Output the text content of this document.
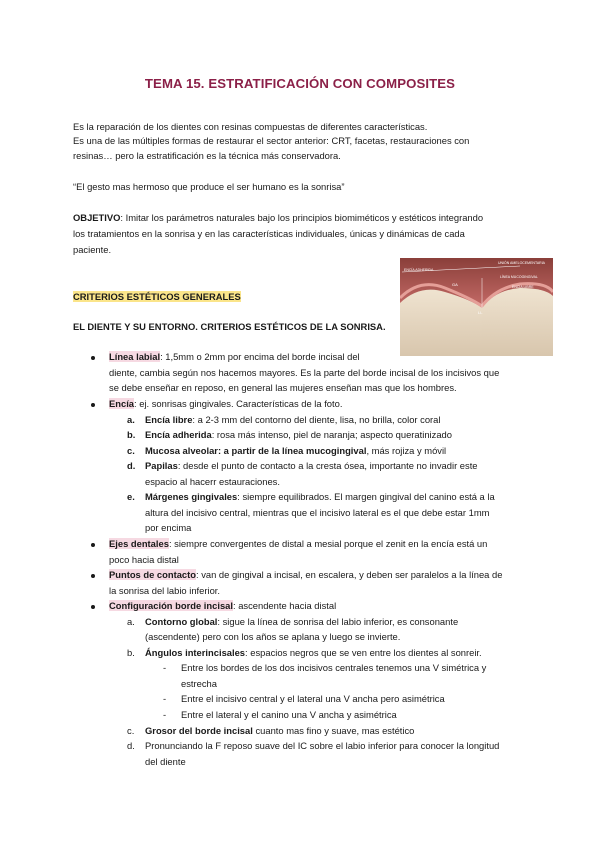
TEMA 15. ESTRATIFICACIÓN CON COMPOSITES
Es la reparación de los dientes con resinas compuestas de diferentes características.
Es una de las múltiples formas de restaurar el sector anterior: CRT, facetas, restauraciones con
resinas… pero la estratificación es la técnica más conservadora.
“El gesto mas hermoso que produce el ser humano es la sonrisa”
OBJETIVO: Imitar los parámetros naturales bajo los principios biomiméticos y estéticos integrando
los tratamientos en la sonrisa y en las características individuales, únicas y dinámicas de cada
paciente.
ENCÍA ADHERIDA
UNIÓN AMELOCEMENTARIA
LÍNEA MUCOGINGIVAL
ENCÍA LIBRE
GA
LL
CRITERIOS ESTÉTICOS GENERALES
EL DIENTE Y SU ENTORNO. CRITERIOS ESTÉTICOS DE LA SONRISA.
Línea labial: 1,5mm o 2mm por encima del borde incisal del
diente, cambia según nos hacemos mayores. Es la parte del borde incisal de los incisivos que
se debe enseñar en reposo, en general las mujeres enseñan mas que los hombres.
Encía: ej. sonrisas gingivales. Características de la foto.
a. Encía libre: a 2-3 mm del contorno del diente, lisa, no brilla, color coral
b. Encía adherida: rosa más intenso, piel de naranja; aspecto queratinizado
c. Mucosa alveolar: a partir de la línea mucogingival, más rojiza y móvil
d. Papilas: desde el punto de contacto a la cresta ósea, importante no invadir este
espacio al hacerr estauraciones.
e. Márgenes gingivales: siempre equilibrados. El margen gingival del canino está a la
altura del incisivo central, mientras que el incisivo lateral es el que debe estar 1mm
por encima
Ejes dentales: siempre convergentes de distal a mesial porque el zenit en la encía está un
poco hacia distal
Puntos de contacto: van de gingival a incisal, en escalera, y deben ser paralelos a la línea de
la sonrisa del labio inferior.
Configuración borde incisal: ascendente hacia distal
a. Contorno global: sigue la línea de sonrisa del labio inferior, es consonante
(ascendente) pero con los años se aplana y luego se invierte.
b. Ángulos interincisales: espacios negros que se ven entre los dientes al sonreir.
- Entre los bordes de los dos incisivos centrales tenemos una V simétrica y
estrecha
- Entre el incisivo central y el lateral una V ancha pero asimétrica
- Entre el lateral y el canino una V ancha y asimétrica
c. Grosor del borde incisal cuanto mas fino y suave, mas estético
d. Pronunciando la F reposo suave del IC sobre el labio inferior para conocer la longitud
del diente
